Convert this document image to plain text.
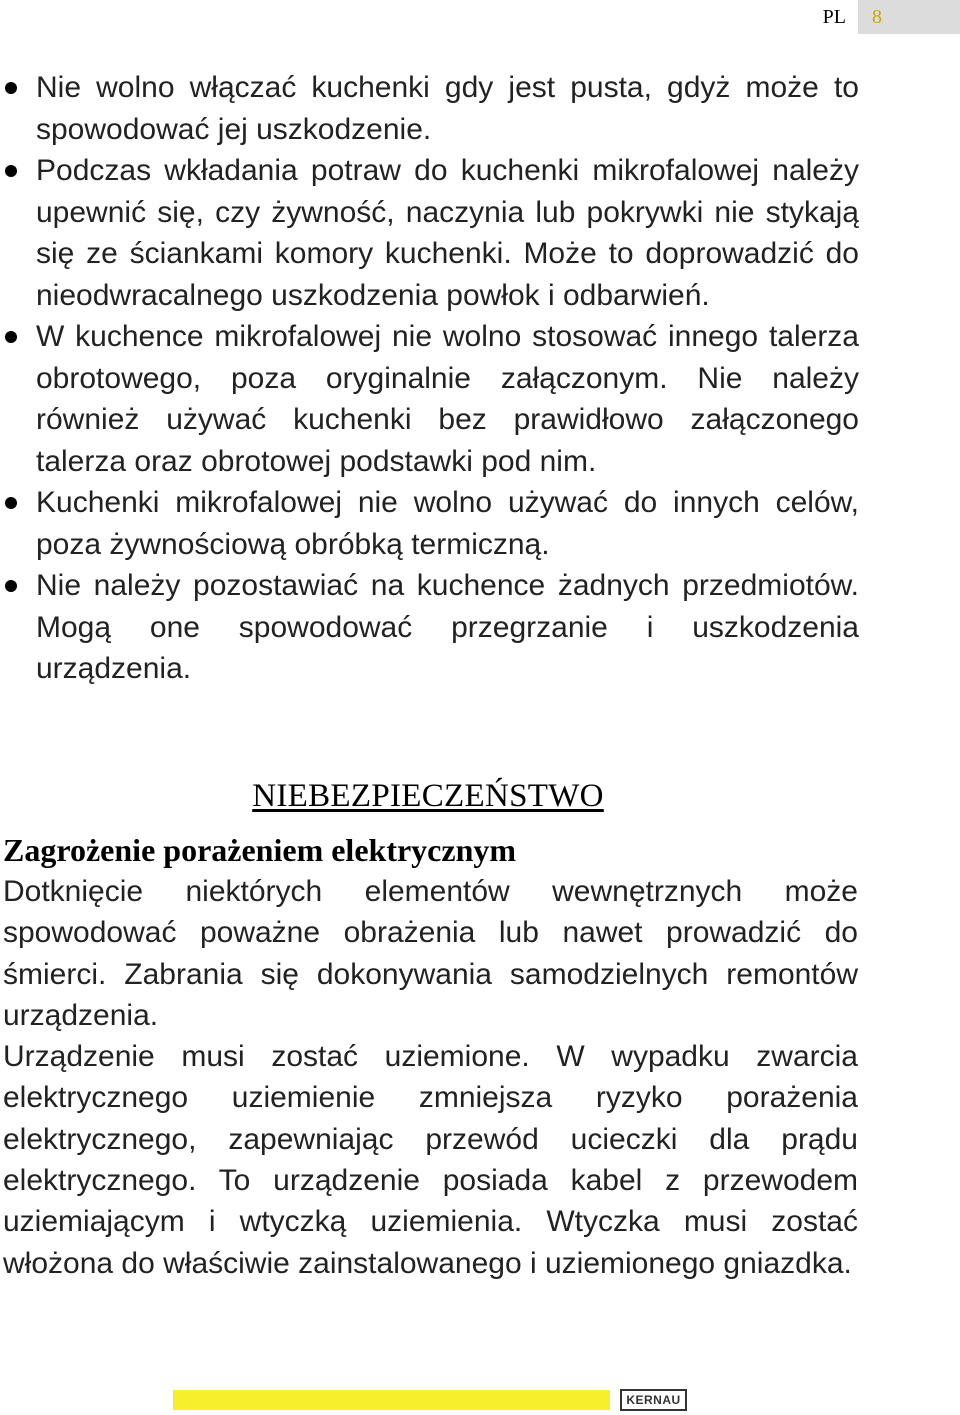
PL	8
Nie wolno włączać kuchenki gdy jest pusta, gdyż może to spowodować jej uszkodzenie.
Podczas wkładania potraw do kuchenki mikrofalowej należy upewnić się, czy żywność, naczynia lub pokrywki nie stykają się ze ściankami komory kuchenki. Może to doprowadzić do nieodwracalnego uszkodzenia powłok i odbarwień.
W kuchence mikrofalowej nie wolno stosować innego talerza obrotowego, poza oryginalnie załączonym. Nie należy również używać kuchenki bez prawidłowo załączonego talerza oraz obrotowej podstawki pod nim.
Kuchenki mikrofalowej nie wolno używać do innych celów, poza żywnościową obróbką termiczną.
Nie należy pozostawiać na kuchence żadnych przedmiotów. Mogą one spowodować przegrzanie i uszkodzenia urządzenia.
NIEBEZPIECZEŃSTWO

Zagrożenie porażeniem elektrycznym

Dotknięcie niektórych elementów wewnętrznych może spowodować poważne obrażenia lub nawet prowadzić do śmierci. Zabrania się dokonywania samodzielnych remontów urządzenia.

Urządzenie musi zostać uziemione. W wypadku zwarcia elektrycznego uziemienie zmniejsza ryzyko porażenia elektrycznego, zapewniając przewód ucieczki dla prądu elektrycznego. To urządzenie posiada kabel z przewodem uziemiającym i wtyczką uziemienia. Wtyczka musi zostać włożona do właściwie zainstalowanego i uziemionego gniazdka.

KERNAU
